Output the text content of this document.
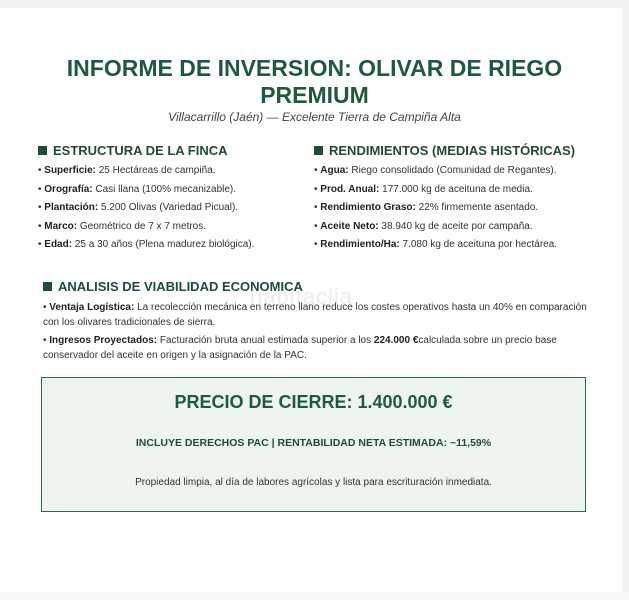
INFORME DE INVERSION: OLIVAR DE RIEGO PREMIUM
Villacarrillo (Jaén) — Excelente Tierra de Campiña Alta
ESTRUCTURA DE LA FINCA
• Superficie: 25 Hectáreas de campiña.
• Orografía: Casi llana (100% mecanizable).
• Plantación: 5.200 Olivas (Variedad Picual).
• Marco: Geométrico de 7 x 7 metros.
• Edad: 25 a 30 años (Plena madurez biológica).
RENDIMIENTOS (MEDIAS HISTÓRICAS)
• Agua: Riego consolidado (Comunidad de Regantes).
• Prod. Anual: 177.000 kg de aceituna de media.
• Rendimiento Graso: 22% firmemente asentado.
• Aceite Neto: 38.940 kg de aceite por campaña.
• Rendimiento/Ha: 7.080 kg de aceituna por hectárea.
ANALISIS DE VIABILIDAD ECONOMICA
habitaclia
• Ventaja Logística: La recolección mecánica en terreno llano reduce los costes operativos hasta un 40% en comparación con los olivares tradicionales de sierra.
• Ingresos Proyectados: Facturación bruta anual estimada superior a los 224.000 €calculada sobre un precio base conservador del aceite en origen y la asignación de la PAC.
PRECIO DE CIERRE: 1.400.000 €
INCLUYE DERECHOS PAC | RENTABILIDAD NETA ESTIMADA: ~11,59%
Propiedad limpia, al día de labores agrícolas y lista para escrituración inmediata.
